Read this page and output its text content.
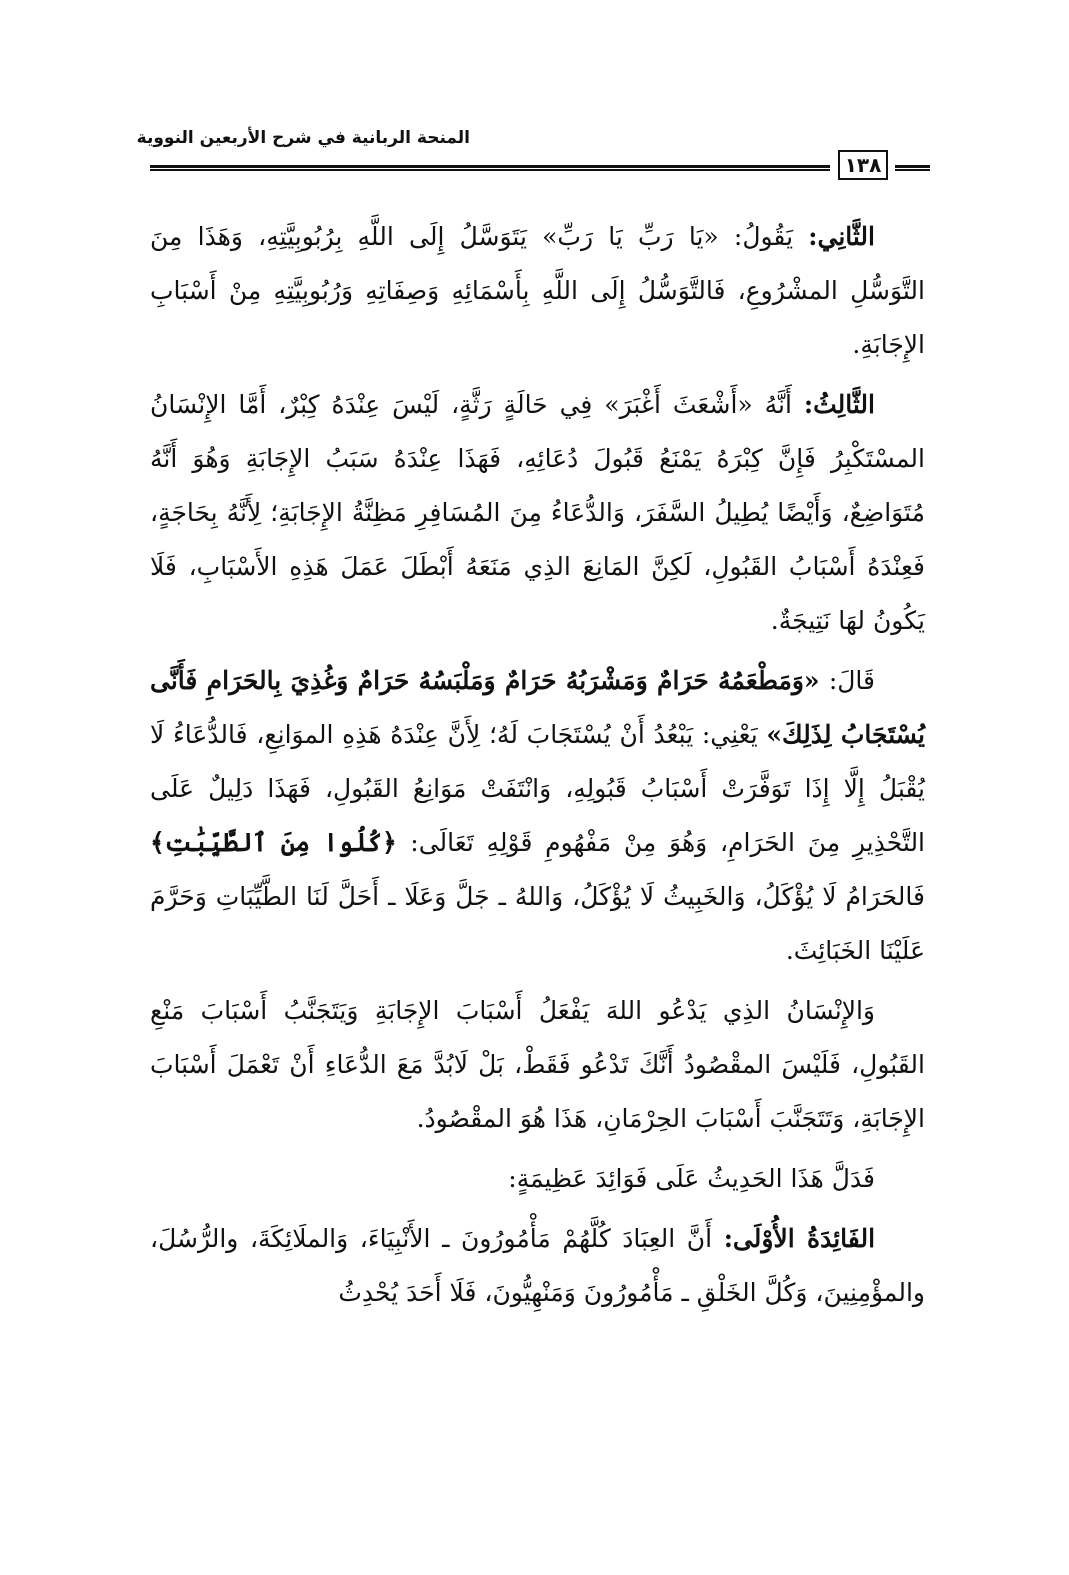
المنحة الربانية في شرح الأربعين النووية
١٣٨

الثَّانِي: يَقُولُ: «يَا رَبِّ يَا رَبِّ» يَتَوَسَّلُ إِلَى اللَّهِ بِرُبُوبِيَّتِهِ، وَهَذَا مِنَ التَّوَسُّلِ المشْرُوعِ، فَالتَّوَسُّلُ إِلَى اللَّهِ بِأَسْمَائِهِ وَصِفَاتِهِ وَرُبُوبِيَّتِهِ مِنْ أَسْبَابِ الإِجَابَةِ.

الثَّالِثُ: أَنَّهُ «أَشْعَثَ أَغْبَرَ» فِي حَالَةٍ رَثَّةٍ، لَيْسَ عِنْدَهُ كِبْرٌ، أَمَّا الإِنْسَانُ المسْتَكْبِرُ فَإِنَّ كِبْرَهُ يَمْنَعُ قَبُولَ دُعَائِهِ، فَهَذَا عِنْدَهُ سَبَبُ الإِجَابَةِ وَهُوَ أَنَّهُ مُتَوَاضِعٌ، وَأَيْضًا يُطِيلُ السَّفَرَ، وَالدُّعَاءُ مِنَ المُسَافِرِ مَظِنَّةُ الإِجَابَةِ؛ لِأَنَّهُ بِحَاجَةٍ، فَعِنْدَهُ أَسْبَابُ القَبُولِ، لَكِنَّ المَانِعَ الذِي مَنَعَهُ أَبْطَلَ عَمَلَ هَذِهِ الأَسْبَابِ، فَلَا يَكُونُ لهَا نَتِيجَةٌ.

قَالَ: «وَمَطْعَمُهُ حَرَامٌ وَمَشْرَبُهُ حَرَامٌ وَمَلْبَسُهُ حَرَامٌ وَغُذِيَ بِالحَرَامِ فَأَنَّى يُسْتَجَابُ لِذَلِكَ» يَعْنِي: يَبْعُدُ أَنْ يُسْتَجَابَ لَهُ؛ لِأَنَّ عِنْدَهُ هَذِهِ الموَانِعِ، فَالدُّعَاءُ لَا يُقْبَلُ إِلَّا إِذَا تَوَفَّرَتْ أَسْبَابُ قَبُولِهِ، وَانْتَفَتْ مَوَانِعُ القَبُولِ، فَهَذَا دَلِيلٌ عَلَى التَّحْذِيرِ مِنَ الحَرَامِ، وَهُوَ مِنْ مَفْهُومِ قَوْلِهِ تَعَالَى: ﴿كُلُوا مِنَ ٱلطَّيِّبَٰتِ﴾ فَالحَرَامُ لَا يُؤْكَلُ، وَالخَبِيثُ لَا يُؤْكَلُ، وَاللهُ ـ جَلَّ وَعَلَا ـ أَحَلَّ لَنَا الطَّيِّبَاتِ وَحَرَّمَ عَلَيْنَا الخَبَائِثَ.

وَالإِنْسَانُ الذِي يَدْعُو اللهَ يَفْعَلُ أَسْبَابَ الإِجَابَةِ وَيَتَجَنَّبُ أَسْبَابَ مَنْعِ القَبُولِ، فَلَيْسَ المقْصُودُ أَنَّكَ تَدْعُو فَقَطْ، بَلْ لَابُدَّ مَعَ الدُّعَاءِ أَنْ تَعْمَلَ أَسْبَابَ الإِجَابَةِ، وَتَتَجَنَّبَ أَسْبَابَ الحِرْمَانِ، هَذَا هُوَ المقْصُودُ.

فَدَلَّ هَذَا الحَدِيثُ عَلَى فَوَائِدَ عَظِيمَةٍ:

الفَائِدَةُ الأُوْلَى: أَنَّ العِبَادَ كُلَّهُمْ مَأْمُورُونَ ـ الأَنْبِيَاءَ، وَالملَائِكَةَ، والرُّسُلَ، والمؤْمِنِينَ، وَكُلَّ الخَلْقِ ـ مَأْمُورُونَ وَمَنْهِيُّونَ، فَلَا أَحَدَ يُحْدِثُ
